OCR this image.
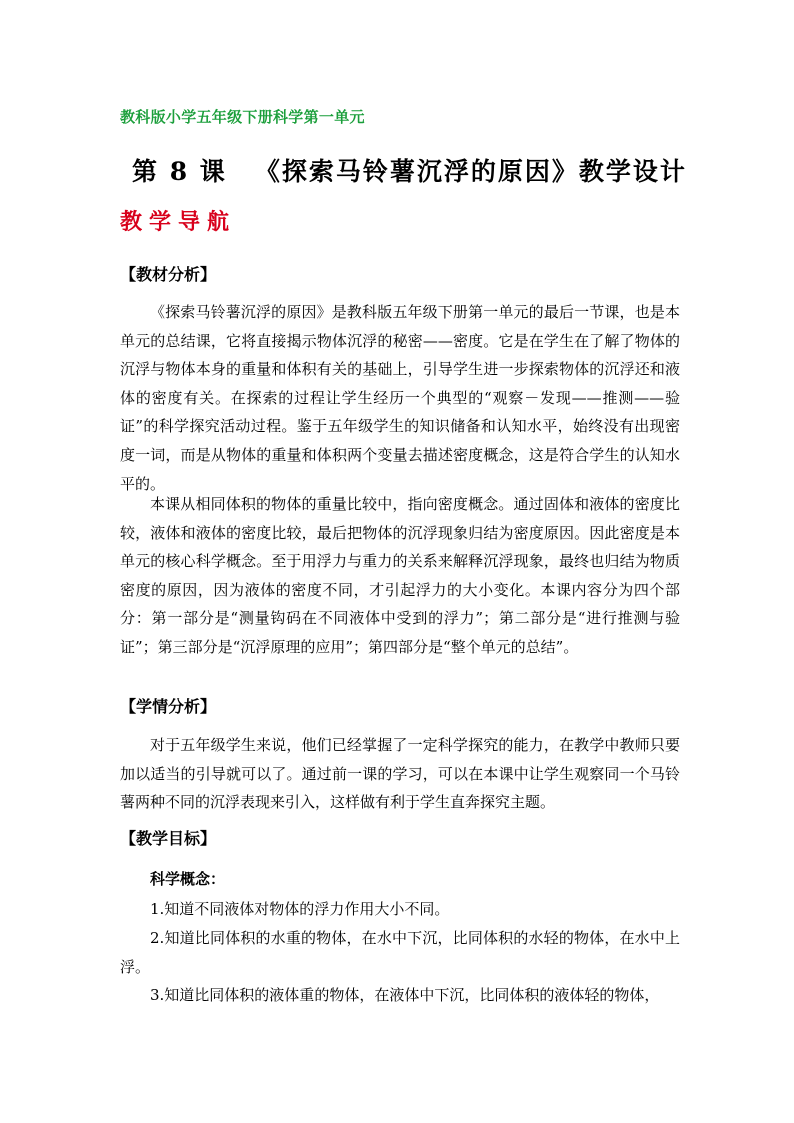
教科版小学五年级下册科学第一单元
第 8 课 《探索马铃薯沉浮的原因》教学设计
教学导航
【教材分析】
《探索马铃薯沉浮的原因》是教科版五年级下册第一单元的最后一节课，也是本单元的总结课，它将直接揭示物体沉浮的秘密——密度。它是在学生在了解了物体的沉浮与物体本身的重量和体积有关的基础上，引导学生进一步探索物体的沉浮还和液体的密度有关。在探索的过程让学生经历一个典型的“观察－发现——推测——验证”的科学探究活动过程。鉴于五年级学生的知识储备和认知水平，始终没有出现密度一词，而是从物体的重量和体积两个变量去描述密度概念，这是符合学生的认知水平的。
本课从相同体积的物体的重量比较中，指向密度概念。通过固体和液体的密度比较，液体和液体的密度比较，最后把物体的沉浮现象归结为密度原因。因此密度是本单元的核心科学概念。至于用浮力与重力的关系来解释沉浮现象，最终也归结为物质密度的原因，因为液体的密度不同，才引起浮力的大小变化。本课内容分为四个部分：第一部分是“测量钩码在不同液体中受到的浮力”；第二部分是“进行推测与验证”；第三部分是“沉浮原理的应用”；第四部分是“整个单元的总结”。
【学情分析】
对于五年级学生来说，他们已经掌握了一定科学探究的能力，在教学中教师只要加以适当的引导就可以了。通过前一课的学习，可以在本课中让学生观察同一个马铃薯两种不同的沉浮表现来引入，这样做有利于学生直奔探究主题。
【教学目标】
科学概念：
1.知道不同液体对物体的浮力作用大小不同。
2.知道比同体积的水重的物体，在水中下沉，比同体积的水轻的物体，在水中上浮。
3.知道比同体积的液体重的物体，在液体中下沉，比同体积的液体轻的物体，
